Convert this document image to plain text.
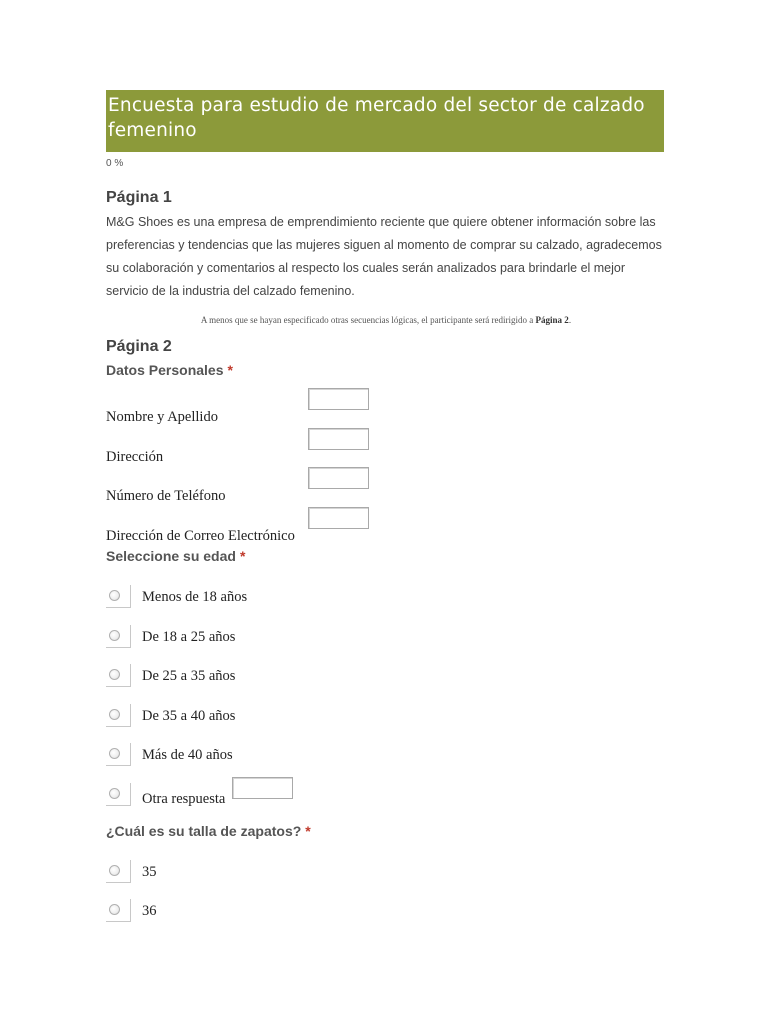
Encuesta para estudio de mercado del sector de calzado femenino
0 %
Página 1
M&G Shoes es una empresa de emprendimiento reciente que quiere obtener información sobre las preferencias y tendencias que las mujeres siguen al momento de comprar su calzado, agradecemos su colaboración y comentarios al respecto los cuales serán analizados para brindarle el mejor servicio de la industria del calzado femenino.
A menos que se hayan especificado otras secuencias lógicas, el participante será redirigido a Página 2.
Página 2
Datos Personales *
Nombre y Apellido
Dirección
Número de Teléfono
Dirección de Correo Electrónico
Seleccione su edad *
Menos de 18 años
De 18 a 25 años
De 25 a 35 años
De 35 a 40 años
Más de 40 años
Otra respuesta
¿Cuál es su talla de zapatos? *
35
36
